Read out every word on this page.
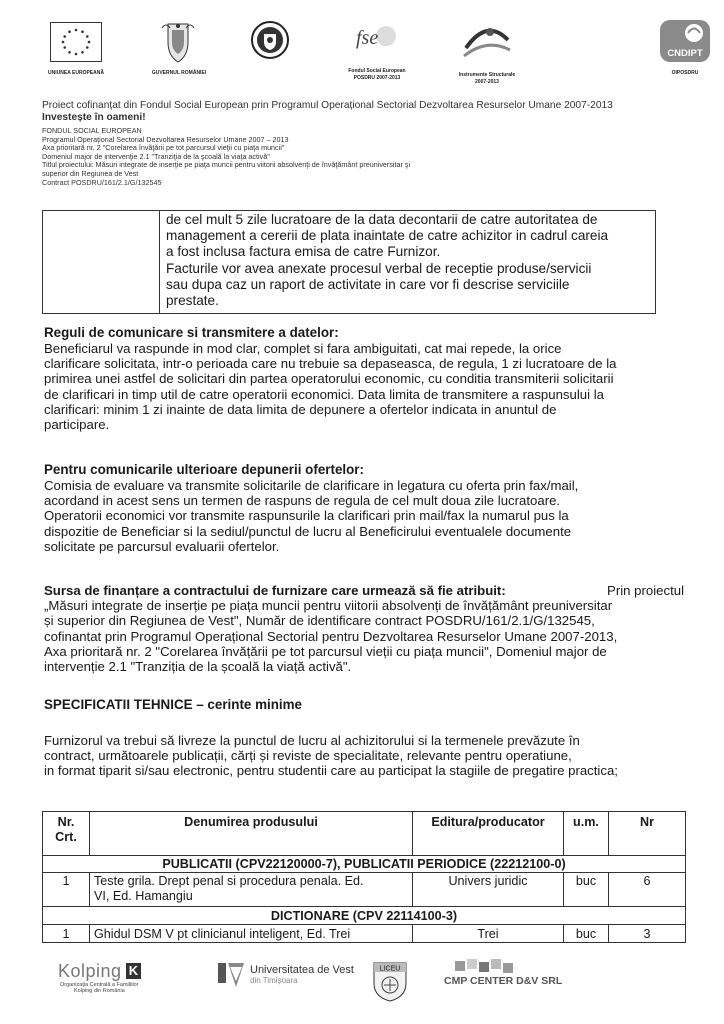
UNIUNEA EUROPEANĂ	GUVERNUL ROMÂNIEI
fse
Fondul Social European
POSDRU 2007-2013	Instrumente Structurale
2007-2013
CNDIPT
OIPOSDRU
Proiect cofinanțat din Fondul Social European prin Programul Operațional Sectorial Dezvoltarea Resurselor Umane 2007-2013
Investește în oameni!
FONDUL SOCIAL EUROPEAN
Programul Operaţional Sectorial Dezvoltarea Resurselor Umane 2007 – 2013
Axa prioritară nr. 2 "Corelarea învăţării pe tot parcursul vieţii cu piaţa muncii"
Domeniul major de intervenţie 2.1 "Tranziţia de la şcoală la viaţa activă"
Titlul proiectului: Măsuri integrate de inserţie pe piaţa muncii pentru viitorii absolvenţi de învăţământ preuniversitar şi
superior din Regiunea de Vest
Contract POSDRU/161/2.1/G/132545

de cel mult 5 zile lucratoare de la data decontarii de catre autoritatea de
management a cererii de plata inaintate de catre achizitor in cadrul careia
a fost inclusa factura emisa de catre Furnizor.
Facturile vor avea anexate procesul verbal de receptie produse/servicii
sau dupa caz un raport de activitate in care vor fi descrise serviciile
prestate.
Reguli de comunicare si transmitere a datelor:
Beneficiarul va raspunde in mod clar, complet si fara ambiguitati, cat mai repede, la orice
clarificare solicitata, intr-o perioada care nu trebuie sa depaseasca, de regula, 1 zi lucratoare de la
primirea unei astfel de solicitari din partea operatorului economic, cu conditia transmiterii solicitarii
de clarificari in timp util de catre operatorii economici. Data limita de transmitere a raspunsului la
clarificari: minim 1 zi inainte de data limita de depunere a ofertelor indicata in anuntul de
participare.
Pentru comunicarile ulterioare depunerii ofertelor:
Comisia de evaluare va transmite solicitarile de clarificare in legatura cu oferta prin fax/mail,
acordand in acest sens un termen de raspuns de regula de cel mult doua zile lucratoare.
Operatorii economici vor transmite raspunsurile la clarificari prin mail/fax la numarul pus la
dispozitie de Beneficiar si la sediul/punctul de lucru al Beneficirului eventualele documente
solicitate pe parcursul evaluarii ofertelor.
Sursa de finanțare a contractului de furnizare care urmează să fie atribuit:	Prin proiectul
„Măsuri integrate de inserție pe piața muncii pentru viitorii absolvenți de învățământ preuniversitar
și superior din Regiunea de Vest", Număr de identificare contract POSDRU/161/2.1/G/132545,
cofinantat prin Programul Operațional Sectorial pentru Dezvoltarea Resurselor Umane 2007-2013,
Axa prioritară nr. 2 "Corelarea învățării pe tot parcursul vieții cu piața muncii", Domeniul major de
intervenție 2.1 "Tranziția de la școală la viață activă".
SPECIFICATII TEHNICE – cerinte minime
Furnizorul va trebui să livreze la punctul de lucru al achizitorului si la termenele prevăzute în
contract, următoarele publicații, cărți și reviste de specialitate, relevante pentru operatiune,
in format tiparit si/sau electronic, pentru studentii care au participat la stagiile de pregatire practica;
Nr.
Crt.	Denumirea produsului	Editura/producator	u.m.	Nr
PUBLICATII (CPV22120000-7), PUBLICATII PERIODICE (22212100-0)				
1	Teste grila. Drept penal si procedura penala. Ed.
VI, Ed. Hamangiu	Univers juridic	buc	6
DICTIONARE (CPV 22114100-3)				
1	Ghidul DSM V pt clinicianul inteligent, Ed. Trei	Trei	buc	3
Kolping K
Organizația Centrală a Familiilor
Kolping din România
Universitatea de Vest
din Timișoara
LICEU
CMP CENTER D&V SRL
